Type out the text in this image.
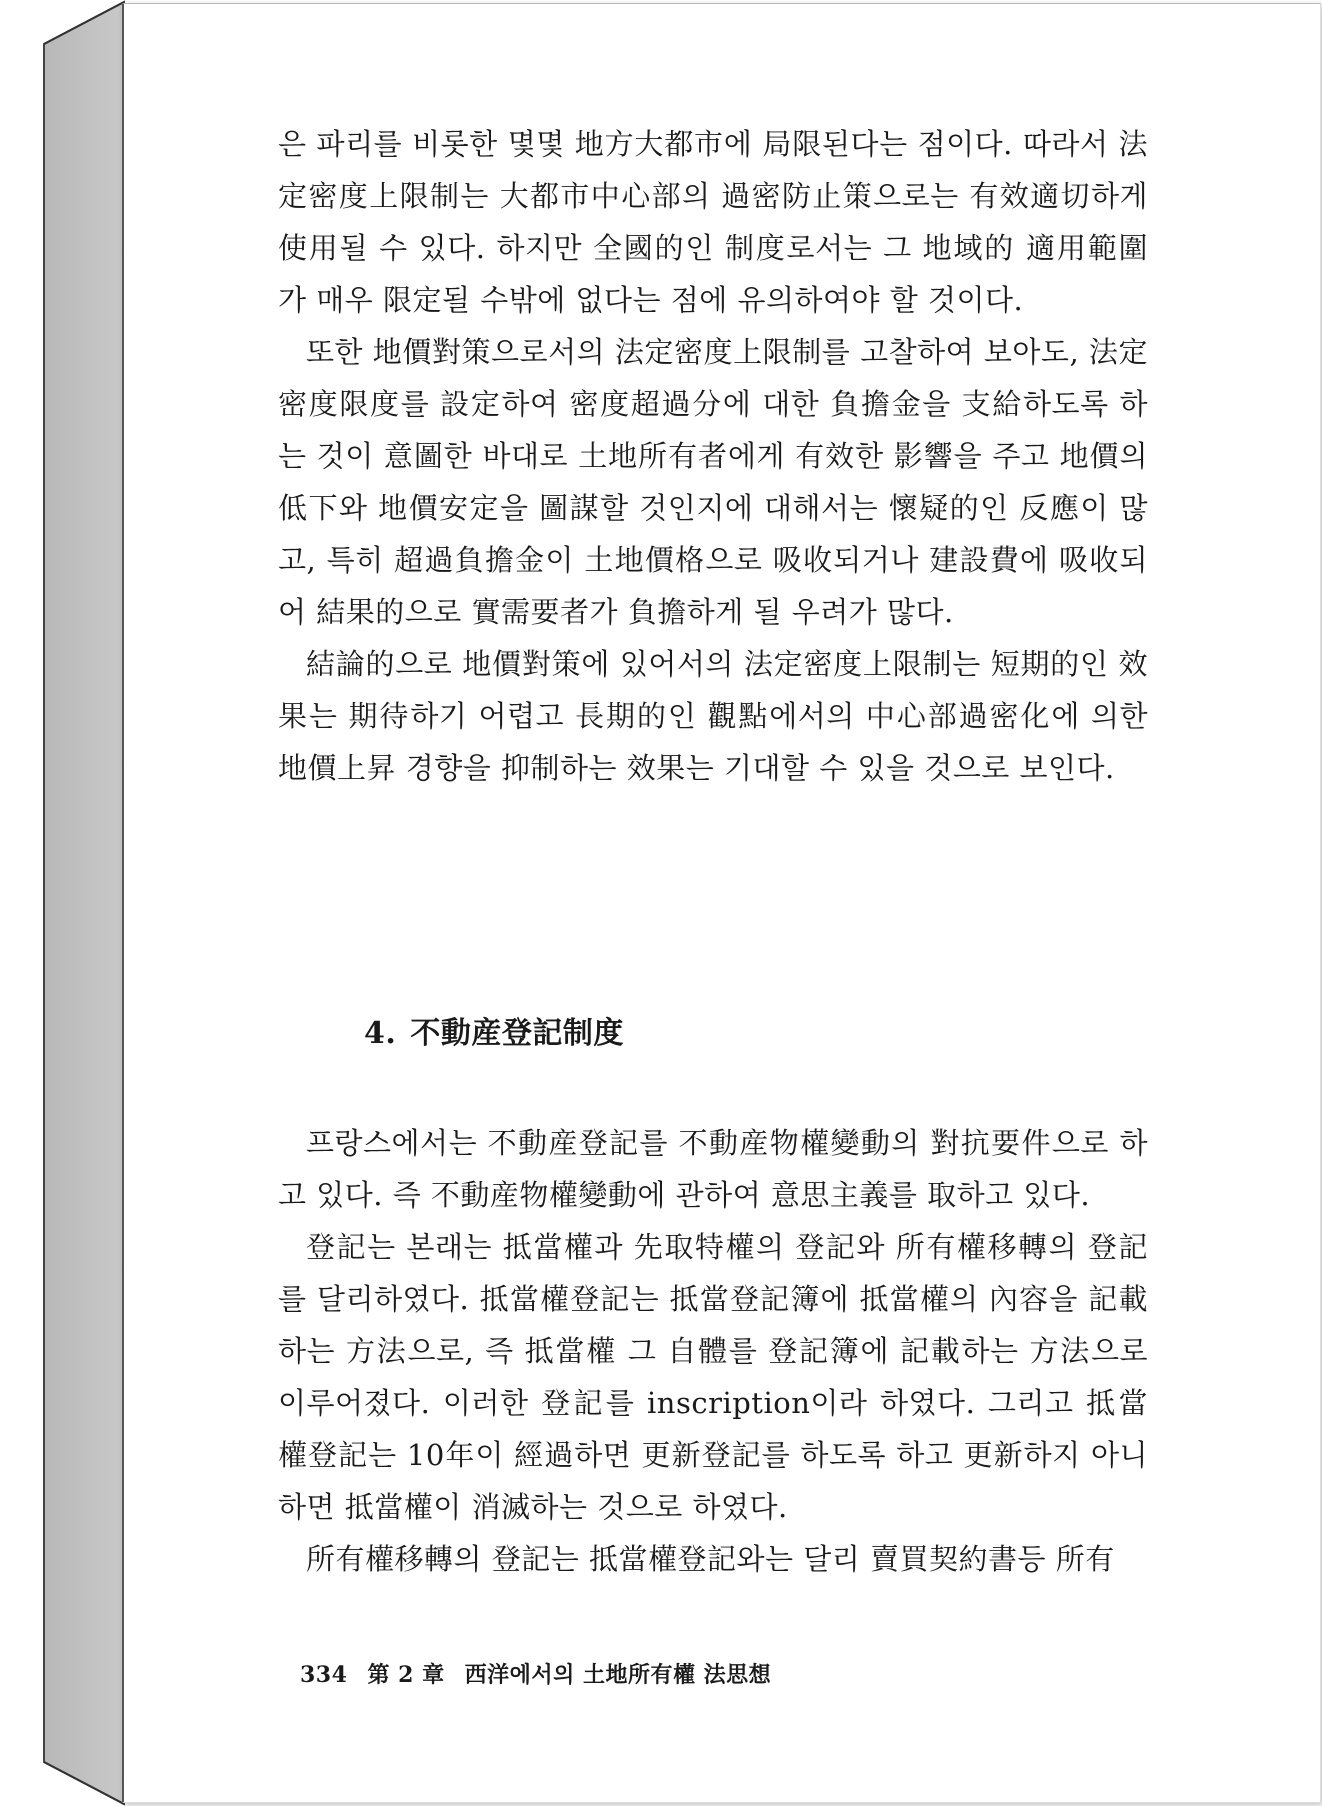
은 파리를 비롯한 몇몇 地方大都市에 局限된다는 점이다. 따라서 法定密度上限制는 大都市中心部의 過密防止策으로는 有效適切하게 使用될 수 있다. 하지만 全國的인 制度로서는 그 地域的 適用範圍가 매우 限定될 수밖에 없다는 점에 유의하여야 할 것이다.

또한 地價對策으로서의 法定密度上限制를 고찰하여 보아도, 法定密度限度를 設定하여 密度超過分에 대한 負擔金을 支給하도록 하는 것이 意圖한 바대로 土地所有者에게 有效한 影響을 주고 地價의 低下와 地價安定을 圖謀할 것인지에 대해서는 懷疑的인 反應이 많고, 특히 超過負擔金이 土地價格으로 吸收되거나 建設費에 吸收되어 結果的으로 實需要者가 負擔하게 될 우려가 많다.

結論的으로 地價對策에 있어서의 法定密度上限制는 短期的인 效果는 期待하기 어렵고 長期的인 觀點에서의 中心部過密化에 의한 地價上昇 경향을 抑制하는 效果는 기대할 수 있을 것으로 보인다.

4. 不動産登記制度

프랑스에서는 不動産登記를 不動産物權變動의 對抗要件으로 하고 있다. 즉 不動産物權變動에 관하여 意思主義를 取하고 있다.

登記는 본래는 抵當權과 先取特權의 登記와 所有權移轉의 登記를 달리하였다. 抵當權登記는 抵當登記簿에 抵當權의 內容을 記載하는 方法으로, 즉 抵當權 그 自體를 登記簿에 記載하는 方法으로 이루어졌다. 이러한 登記를 inscription이라 하였다. 그리고 抵當權登記는 10年이 經過하면 更新登記를 하도록 하고 更新하지 아니하면 抵當權이 消滅하는 것으로 하였다.

所有權移轉의 登記는 抵當權登記와는 달리 賣買契約書등 所有

334 第 2 章 西洋에서의 土地所有權 法思想
